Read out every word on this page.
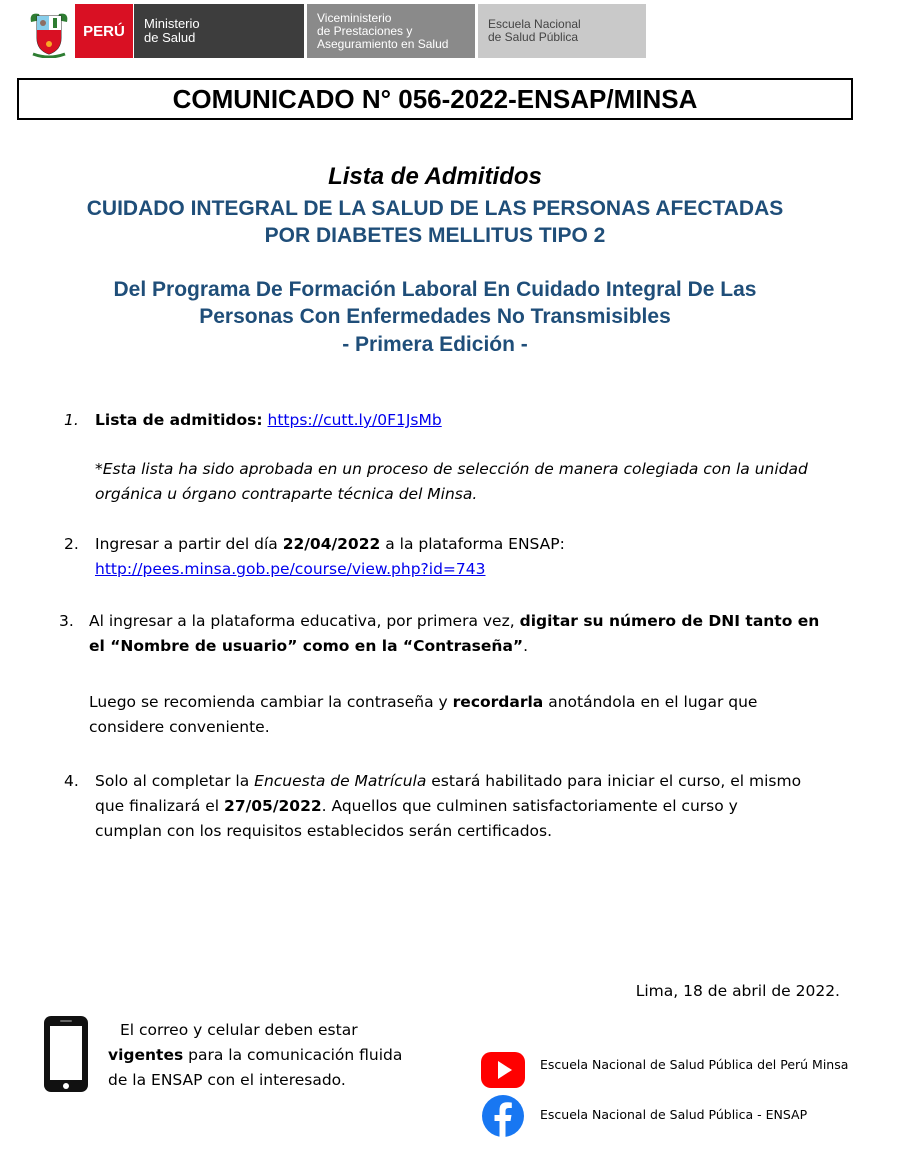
PERÚ Ministerio
de Salud
Viceministerio
de Prestaciones y
Aseguramiento en Salud
Escuela Nacional
de Salud Pública
COMUNICADO N° 056-2022-ENSAP/MINSA
Lista de Admitidos
CUIDADO INTEGRAL DE LA SALUD DE LAS PERSONAS AFECTADAS
POR DIABETES MELLITUS TIPO 2
Del Programa De Formación Laboral En Cuidado Integral De Las
Personas Con Enfermedades No Transmisibles
- Primera Edición -
1. Lista de admitidos: https://cutt.ly/0F1JsMb
*Esta lista ha sido aprobada en un proceso de selección de manera colegiada con la unidad
orgánica u órgano contraparte técnica del Minsa.
2. Ingresar a partir del día 22/04/2022 a la plataforma ENSAP:
http://pees.minsa.gob.pe/course/view.php?id=743
3. Al ingresar a la plataforma educativa, por primera vez, digitar su número de DNI tanto en
el “Nombre de usuario” como en la “Contraseña”.
Luego se recomienda cambiar la contraseña y recordarla anotándola en el lugar que
considere conveniente.
4. Solo al completar la Encuesta de Matrícula estará habilitado para iniciar el curso, el mismo
que finalizará el 27/05/2022. Aquellos que culminen satisfactoriamente el curso y
cumplan con los requisitos establecidos serán certificados.
Lima, 18 de abril de 2022.
El correo y celular deben estar
vigentes para la comunicación fluida
de la ENSAP con el interesado.
Escuela Nacional de Salud Pública del Perú Minsa
Escuela Nacional de Salud Pública - ENSAP
